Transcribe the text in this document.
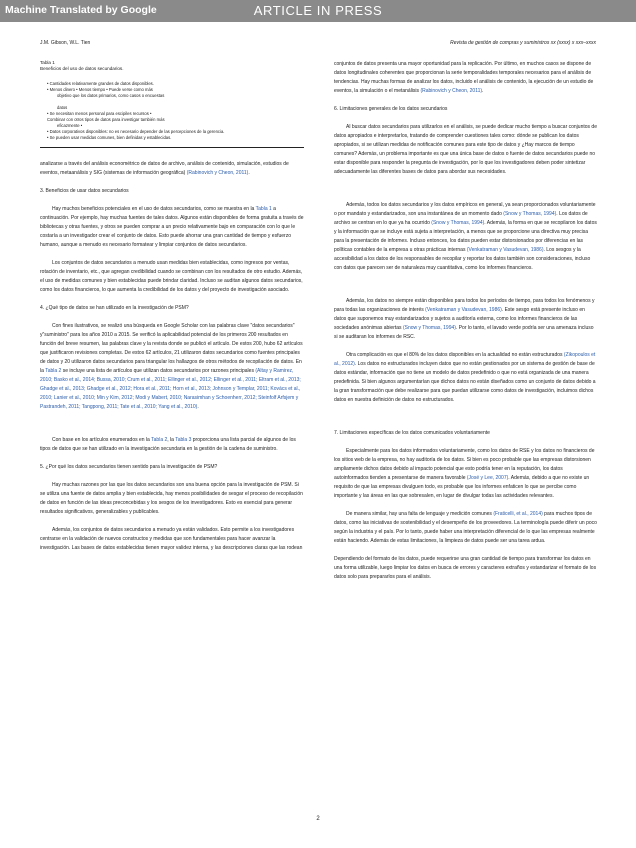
Machine Translated by Google	ARTICLE IN PRESS
J.M. Gibson, W.L. Tien	Revista de gestión de compras y suministros xx (xxxx) x xxx–xxxx
Tabla 1
Beneficios del uso de datos secundarios.
• Cantidades relativamente grandes de datos disponibles.
• Menos dinero • Menos tiempo • Puede verse como más
objetivo que los datos primarios, como casos o encuestas
datos
• Se necesitan menos personal para escipiles recursos •
Combinar con otros tipos de datos para investigar también más
eficazmente •
• Datos corporativos disponibles: no es necesario depender de las percepciones de la gerencia.
• Se pueden usar medidas comunes, bien definidas y establecidas.

analizarse a través del análisis econométrico de datos de archivo, análisis de contenido, simulación, estudios de eventos, metaanálisis y SIG (sistemas de información geográfica) (Rabinovich y Cheon, 2011).

3. Beneficios de usar datos secundarios

Hay muchos beneficios potenciales en el uso de datos secundarios, como se muestra en la Tabla 1 a continuación. Por ejemplo, hay muchas fuentes de tales datos. Algunos están disponibles de forma gratuita a través de bibliotecas y otras fuentes, y otros se pueden comprar a un precio relativamente bajo en comparación con lo que le costaría a un investigador crear el conjunto de datos. Esto puede ahorrar una gran cantidad de tiempo y esfuerzo humano, aunque a menudo es necesario formatear y limpiar conjuntos de datos secundarios.

Los conjuntos de datos secundarios a menudo usan medidas bien establecidas, como ingresos por ventas, rotación de inventario, etc., que agregan credibilidad cuando se combinan con los resultados de otro estudio. Además, el uso de medidas comunes y bien establecidas puede brindar claridad. Incluso se auditan algunos datos secundarios, como los datos financieros, lo que aumenta la credibilidad de los datos y del proyecto de investigación asociado.

4. ¿Qué tipo de datos se han utilizado en la investigación de PSM?

Con fines ilustrativos, se realizó una búsqueda en Google Scholar con las palabras clave "datos secundarios" y"suministro" para los años 2010 a 2015. Se verificó la aplicabilidad potencial de los primeros 200 resultados en función del breve resumen, las palabras clave y la revista donde se publicó el artículo. De estos 200, hubo 62 artículos que justificaron revisiones completas. De estos 62 artículos, 21 utilizaron datos secundarios como fuentes principales de datos y 20 utilizaron datos secundarios para triangular los hallazgos de otros métodos de recopilación de datos. En la Tabla 2 se incluye una lista de artículos que utilizan datos secundarios por razones principales (Altay y Ramirez, 2010; Basko et al., 2014; Bussa, 2010; Crum et al., 2011; Ellinger et al., 2012; Ellinger et al., 2011; Eltram et al., 2013; Ghadge et al., 2013; Ghadge et al., 2012; Hora et al., 2011; Horn et al., 2013; Johnson y Templar, 2011; Kovács et al., 2010; Lanier et al., 2010; Min y Kim, 2012; Modi y Mabert, 2010; Narasimhan y Schoenherr, 2012; Steinfolf Arfsjem y Pastrandeh, 2011; Tangpong, 2011; Tate et al., 2010; Yang et al., 2010).

Con base en los artículos enumerados en la Tabla 2, la Tabla 3 proporciona una lista parcial de algunos de los tipos de datos que se han utilizado en la investigación secundaria en la gestión de la cadena de suministro.

5. ¿Por qué los datos secundarios tienen sentido para la investigación de PSM?

Hay muchas razones por las que los datos secundarios son una buena opción para la investigación de PSM. Si se utiliza una fuente de datos amplia y bien establecida, hay menos posibilidades de sesgar el proceso de recopilación de datos en función de las ideas preconcebidas y los sesgos de los investigadores. Esto es esencial para generar resultados significativos, generalizables y publicables.

Además, los conjuntos de datos secundarios a menudo ya están validados. Esto permite a los investigadores centrarse en la validación de nuevos constructos y medidas que son fundamentales para hacer avanzar la investigación. Las bases de datos establecidas tienen mayor validez interna, y las descripciones claras que las rodean

conjuntos de datos presenta una mayor oportunidad para la replicación. Por último, en muchos casos se dispone de datos longitudinales coherentes que proporcionan la serie temporalidades temporales necesarios para el análisis de tendencias. Hay muchas formas de analizar los datos, incluido el análisis de contenido, la ejecución de un estudio de eventos, la simulación o el metanálisis (Rabinovich y Cheon, 2011).

6. Limitaciones generales de los datos secundarios

Al buscar datos secundarios para utilizarlos en el análisis, se puede dedicar mucho tiempo a buscar conjuntos de datos apropiados e interpretarlos, tratando de comprender cuestiones tales como: dónde se publican los datos apropiados, si se utilizan medidas de notificación comunes para este tipo de datos y ¿Hay marcos de tiempo comunes? Además, un problema importante es que una única base de datos o fuente de datos secundarios puede no estar disponible para responder la pregunta de investigación, por lo que los investigadores deben poder sintetizar adecuadamente las diferentes bases de datos para abordar sus necesidades.

Además, todos los datos secundarios y los datos empíricos en general, ya sean proporcionados voluntariamente o por mandato y estandarizados, son una instantánea de un momento dado (Snow y Thomas, 1994). Los datos de archivo se centran en lo que ya ha ocurrido (Snow y Thomas, 1994). Además, la forma en que se recopilaron los datos y la información que se incluye está sujeta a interpretación, a menos que se proporcione una directiva muy precisa para la presentación de informes. Incluso entonces, los datos pueden estar distorsionados por diferencias en las políticas contables de la empresa u otras prácticas internas (Venkatraman y Vasudevan, 1986). Los sesgos y la accesibilidad a los datos de los responsables de recopilar y reportar los datos también son consideraciones, incluso con datos que parecen ser de naturaleza muy cuantitativa, como los informes financieros.

Además, los datos no siempre están disponibles para todos los períodos de tiempo, para todos los fenómenos y para todas las organizaciones de interés (Venkatraman y Vasudevan, 1986). Este sesgo está presente incluso en datos que suponemos muy estandarizados y sujetos a auditoría externa, como los informes financieros de las sociedades anónimas abiertas (Snow y Thomas, 1994). Por lo tanto, el lavado verde podría ser una amenaza incluso si se auditaran los informes de RSC.

Otra complicación es que el 80% de los datos disponibles en la actualidad no están estructurados (Zikopoulos et al., 2012). Los datos no estructurados incluyen datos que no están gestionados por un sistema de gestión de base de datos estándar, información que no tiene un modelo de datos predefinido o que no está organizada de una manera predefinida. Si bien algunos argumentarían que dichos datos no están diseñados como un conjunto de datos debido a la gran transformación que debe realizarse para que puedan utilizarse como datos de investigación, incluimos dichos datos en nuestra definición de datos no estructurados.

7. Limitaciones específicas de los datos comunicados voluntariamente

Especialmente para los datos informados voluntariamente, como los datos de RSE y los datos no financieros de los sitios web de la empresa, no hay auditoría de los datos. Si bien es poco probable que las empresas distorsionen ampliamente dichos datos debido al impacto potencial que esto podría tener en la reputación, los datos autoinformados tienden a presentarse de manera favorable (José y Lee, 2007). Además, debido a que no existe un requisito de que las empresas divulguen todo, es probable que los informes enfaticen lo que se percibe como importante y las áreas en las que sobresalen, en lugar de divulgar todas las actividades relevantes.

De manera similar, hay una falta de lenguaje y medición comunes (Fraticelli, et al., 2014) para muchos tipos de datos, como las iniciativas de sostenibilidad y el desempeño de los proveedores. La terminología puede diferir un poco según la industria y el país. Por lo tanto, puede haber una interpretación diferencial de lo que las empresas realmente están haciendo. Además de estas limitaciones, la limpieza de datos puede ser una tarea ardua.

Dependiendo del formato de los datos, puede requerirse una gran cantidad de tiempo para transformar los datos en una forma utilizable, luego limpiar los datos en busca de errores y caracteres extraños y estandarizar el formato de los datos solo para prepararlos para el análisis.

2
